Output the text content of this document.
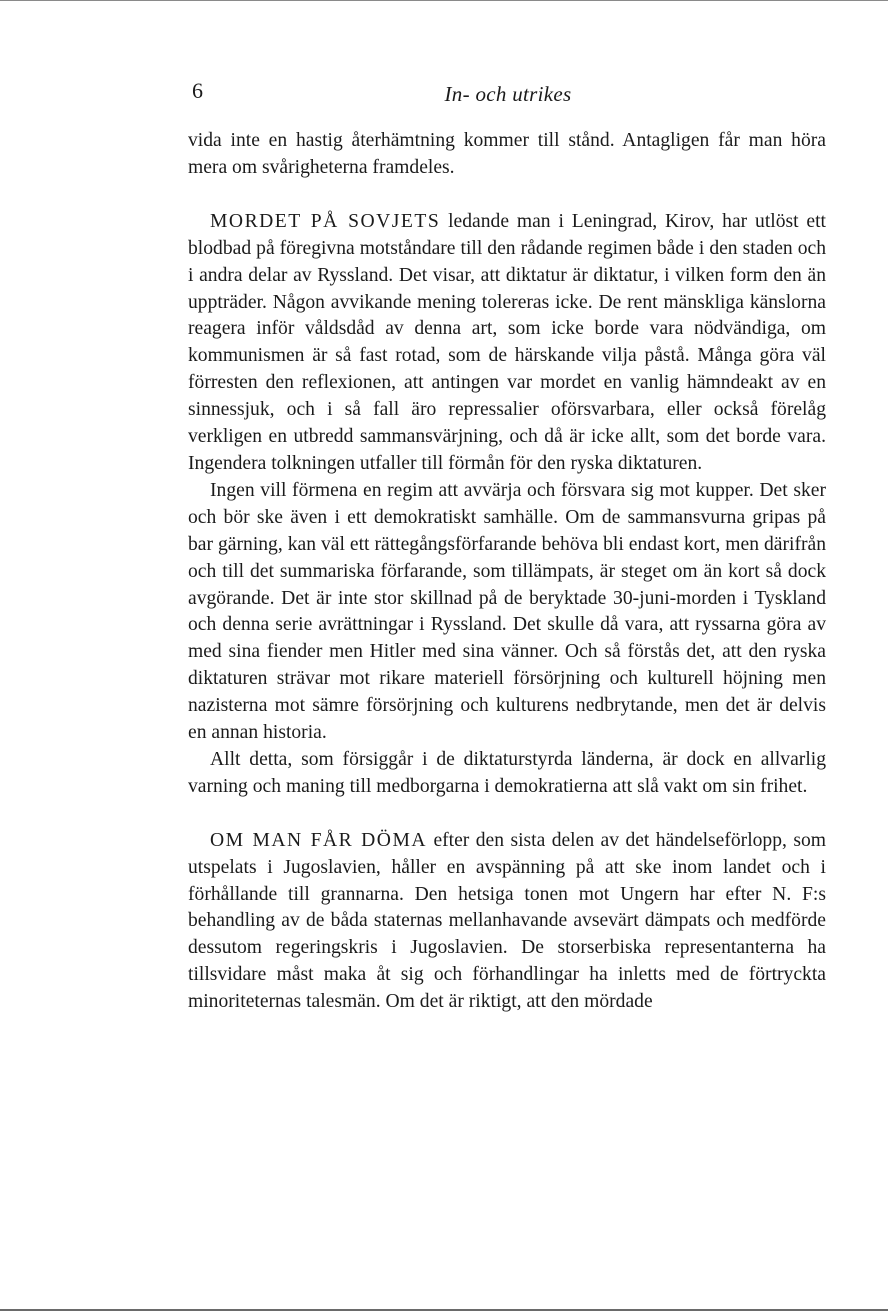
6	In- och utrikes

vida inte en hastig återhämtning kommer till stånd. Antagligen får man höra mera om svårigheterna framdeles.

MORDET PÅ SOVJETS ledande man i Leningrad, Kirov, har utlöst ett blodbad på föregivna motståndare till den rådande regimen både i den staden och i andra delar av Ryssland. Det visar, att diktatur är diktatur, i vilken form den än uppträder. Någon avvikande mening tolereras icke. De rent mänskliga känslorna reagera inför våldsdåd av denna art, som icke borde vara nödvändiga, om kommunismen är så fast rotad, som de härskande vilja påstå. Många göra väl förresten den reflexionen, att antingen var mordet en vanlig hämndeakt av en sinnessjuk, och i så fall äro repressalier oförsvarbara, eller också förelåg verkligen en utbredd sammansvärjning, och då är icke allt, som det borde vara. Ingendera tolkningen utfaller till förmån för den ryska diktaturen.

Ingen vill förmena en regim att avvärja och försvara sig mot kupper. Det sker och bör ske även i ett demokratiskt samhälle. Om de sammansvurna gripas på bar gärning, kan väl ett rättegångsförfarande behöva bli endast kort, men därifrån och till det summariska förfarande, som tillämpats, är steget om än kort så dock avgörande. Det är inte stor skillnad på de beryktade 30-juni-morden i Tyskland och denna serie avrättningar i Ryssland. Det skulle då vara, att ryssarna göra av med sina fiender men Hitler med sina vänner. Och så förstås det, att den ryska diktaturen strävar mot rikare materiell försörjning och kulturell höjning men nazisterna mot sämre försörjning och kulturens nedbrytande, men det är delvis en annan historia.

Allt detta, som försiggår i de diktaturstyrda länderna, är dock en allvarlig varning och maning till medborgarna i demokratierna att slå vakt om sin frihet.

OM MAN FÅR DÖMA efter den sista delen av det händelseförlopp, som utspelats i Jugoslavien, håller en avspänning på att ske inom landet och i förhållande till grannarna. Den hetsiga tonen mot Ungern har efter N. F:s behandling av de båda staternas mellanhavande avsevärt dämpats och medförde dessutom regeringskris i Jugoslavien. De storserbiska representanterna ha tillsvidare måst maka åt sig och förhandlingar ha inletts med de förtryckta minoriteternas talesmän. Om det är riktigt, att den mördade
